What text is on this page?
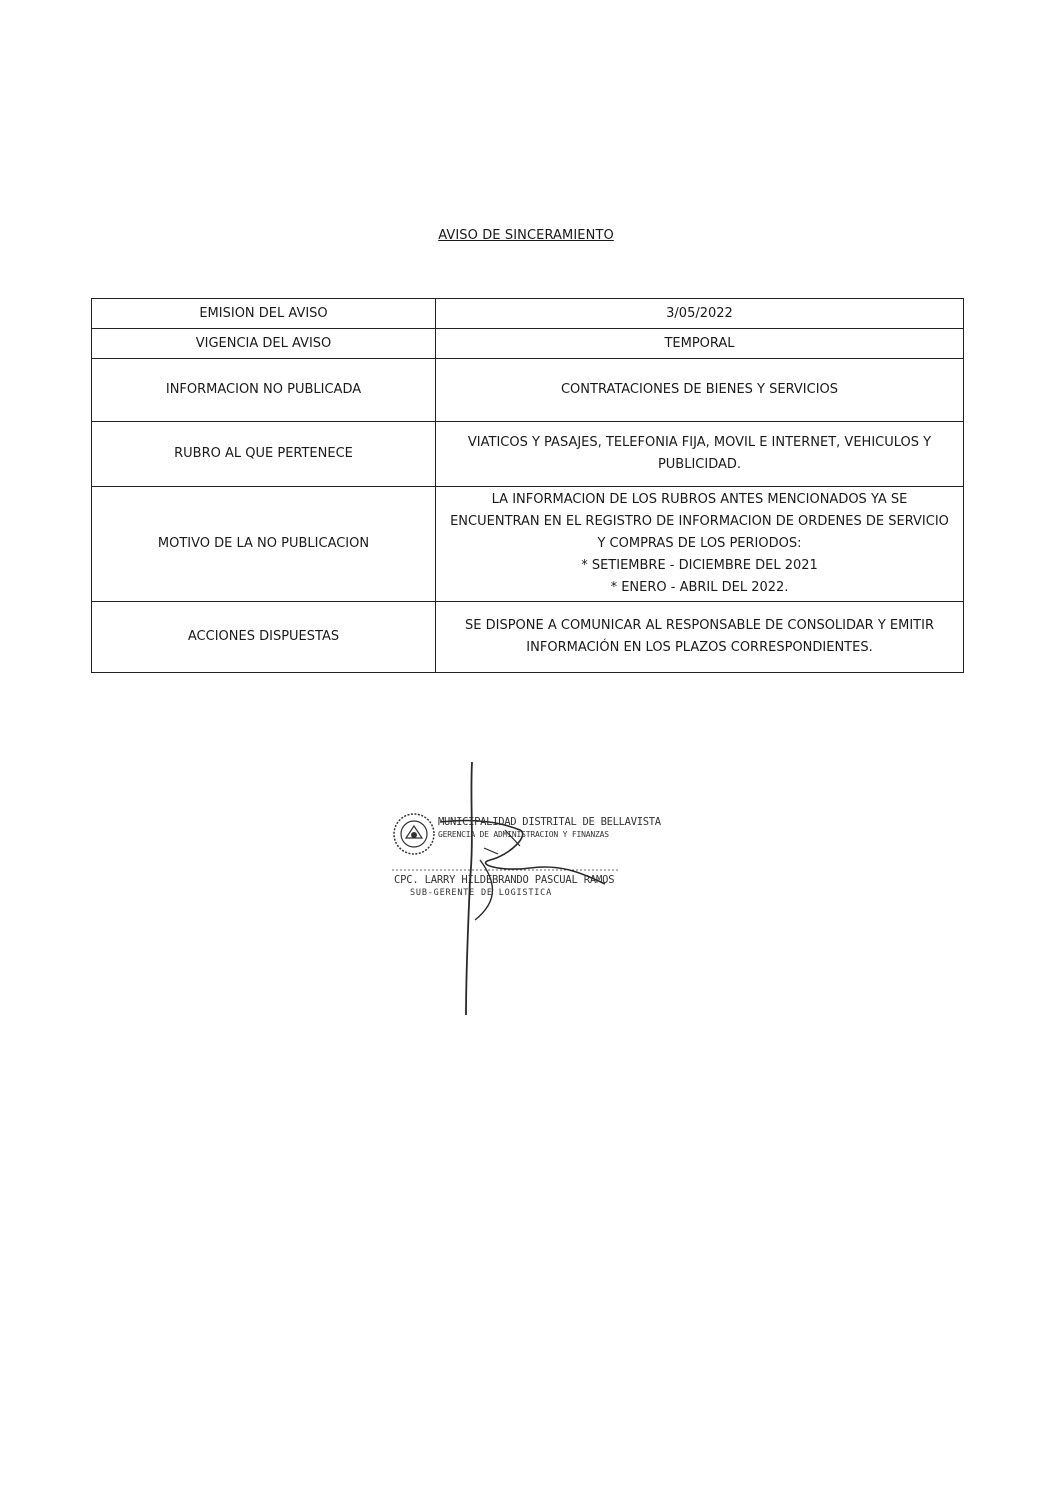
AVISO DE SINCERAMIENTO
EMISION DEL AVISO	3/05/2022

VIGENCIA DEL AVISO	TEMPORAL

INFORMACION NO PUBLICADA	CONTRATACIONES DE BIENES Y SERVICIOS

RUBRO AL QUE PERTENECE	VIATICOS Y PASAJES, TELEFONIA FIJA, MOVIL E INTERNET, VEHICULOS Y
PUBLICIDAD.

MOTIVO DE LA NO PUBLICACION	LA INFORMACION DE LOS RUBROS ANTES MENCIONADOS YA SE
ENCUENTRAN EN EL REGISTRO DE INFORMACION DE ORDENES DE SERVICIO
Y COMPRAS DE LOS PERIODOS:
* SETIEMBRE - DICIEMBRE DEL 2021
* ENERO - ABRIL DEL 2022.

ACCIONES DISPUESTAS	SE DISPONE A COMUNICAR AL RESPONSABLE DE CONSOLIDAR Y EMITIR
INFORMACIÓN EN LOS PLAZOS CORRESPONDIENTES.
MUNICIPALIDAD DISTRITAL DE BELLAVISTA
GERENCIA DE ADMINISTRACION Y FINANZAS
CPC. LARRY HILDEBRANDO PASCUAL RAMOS
SUB-GERENTE DE LOGISTICA
